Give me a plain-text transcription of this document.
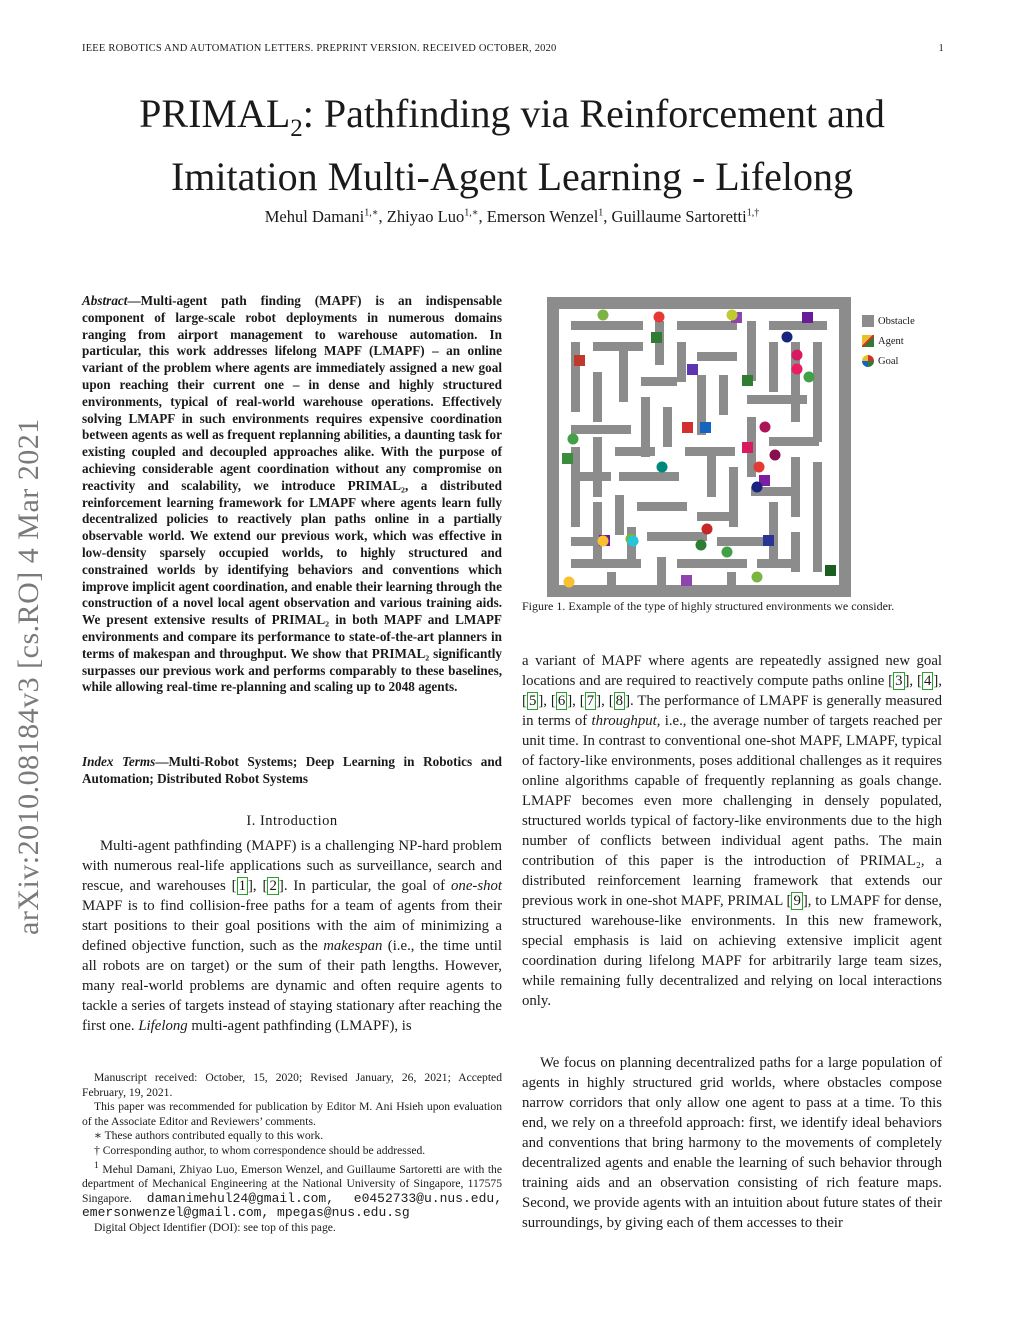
IEEE ROBOTICS AND AUTOMATION LETTERS. PREPRINT VERSION. RECEIVED OCTOBER, 2020	1
$PRIMAL_2$: Pathfinding via Reinforcement and
Imitation Multi-Agent Learning - Lifelong
Mehul Damani$^{1,∗}$, Zhiyao Luo$^{1,∗}$, Emerson Wenzel$^1$, Guillaume Sartoretti$^{1,\dagger}$
arXiv:2010.08184v3 [cs.RO] 4 Mar 2021
Abstract—Multi-agent path finding (MAPF) is an indispensable component of large-scale robot deployments in numerous domains ranging from airport management to warehouse automation. In particular, this work addresses lifelong MAPF (LMAPF) – an online variant of the problem where agents are immediately assigned a new goal upon reaching their current one – in dense and highly structured environments, typical of real-world warehouse operations. Effectively solving LMAPF in such environments requires expensive coordination between agents as well as frequent replanning abilities, a daunting task for existing coupled and decoupled approaches alike. With the purpose of achieving considerable agent coordination without any compromise on reactivity and scalability, we introduce PRIMAL₂, a distributed reinforcement learning framework for LMAPF where agents learn fully decentralized policies to reactively plan paths online in a partially observable world. We extend our previous work, which was effective in low-density sparsely occupied worlds, to highly structured and constrained worlds by identifying behaviors and conventions which improve implicit agent coordination, and enable their learning through the construction of a novel local agent observation and various training aids. We present extensive results of PRIMAL₂ in both MAPF and LMAPF environments and compare its performance to state-of-the-art planners in terms of makespan and throughput. We show that PRIMAL₂ significantly surpasses our previous work and performs comparably to these baselines, while allowing real-time re-planning and scaling up to 2048 agents.
Index Terms—Multi-Robot Systems; Deep Learning in Robotics and Automation; Distributed Robot Systems
I. Introduction
Multi-agent pathfinding (MAPF) is a challenging NP-hard problem with numerous real-life applications such as surveillance, search and rescue, and warehouses [ 1 ], [ 2 ]. In particular, the goal of one-shot MAPF is to find collision-free paths for a team of agents from their start positions to their goal positions with the aim of minimizing a defined objective function, such as the makespan (i.e., the time until all robots are on target) or the sum of their path lengths. However, many real-world problems are dynamic and often require agents to tackle a series of targets instead of staying stationary after reaching the first one. Lifelong multi-agent pathfinding (LMAPF), is

Manuscript received: October, 15, 2020; Revised January, 26, 2021; Accepted February, 19, 2021.

This paper was recommended for publication by Editor M. Ani Hsieh upon evaluation of the Associate Editor and Reviewers’ comments.

∗ These authors contributed equally to this work.

† Corresponding author, to whom correspondence should be addressed.

$^1$ Mehul Damani, Zhiyao Luo, Emerson Wenzel, and Guillaume Sartoretti are with the department of Mechanical Engineering at the National University of Singapore, 117575 Singapore. damanimehul24@gmail.com, e0452733@u.nus.edu, emersonwenzel@gmail.com, mpegas@nus.edu.sg

Digital Object Identifier (DOI): see top of this page.

Obstacle
Agent
Goal
Figure 1. Example of the type of highly structured environments we consider.
a variant of MAPF where agents are repeatedly assigned new goal locations and are required to reactively compute paths online [ 3 ], [ 4 ], [ 5 ], [ 6 ], [ 7 ], [ 8 ]. The performance of LMAPF is generally measured in terms of throughput, i.e., the average number of targets reached per unit time. In contrast to conventional one-shot MAPF, LMAPF, typical of factory-like environments, poses additional challenges as it requires online algorithms capable of frequently replanning as goals change. LMAPF becomes even more challenging in densely populated, structured worlds typical of factory-like environments due to the high number of conflicts between individual agent paths. The main contribution of this paper is the introduction of PRIMAL₂, a distributed reinforcement learning framework that extends our previous work in one-shot MAPF, PRIMAL [ 9 ], to LMAPF for dense, structured warehouse-like environments. In this new framework, special emphasis is laid on achieving extensive implicit agent coordination during lifelong MAPF for arbitrarily large team sizes, while remaining fully decentralized and relying on local interactions only.
We focus on planning decentralized paths for a large population of agents in highly structured grid worlds, where obstacles compose narrow corridors that only allow one agent to pass at a time. To this end, we rely on a threefold approach: first, we identify ideal behaviors and conventions that bring harmony to the movements of completely decentralized agents and enable the learning of such behavior through training aids and an observation consisting of rich feature maps. Second, we provide agents with an intuition about future states of their surroundings, by giving each of them accesses to their
